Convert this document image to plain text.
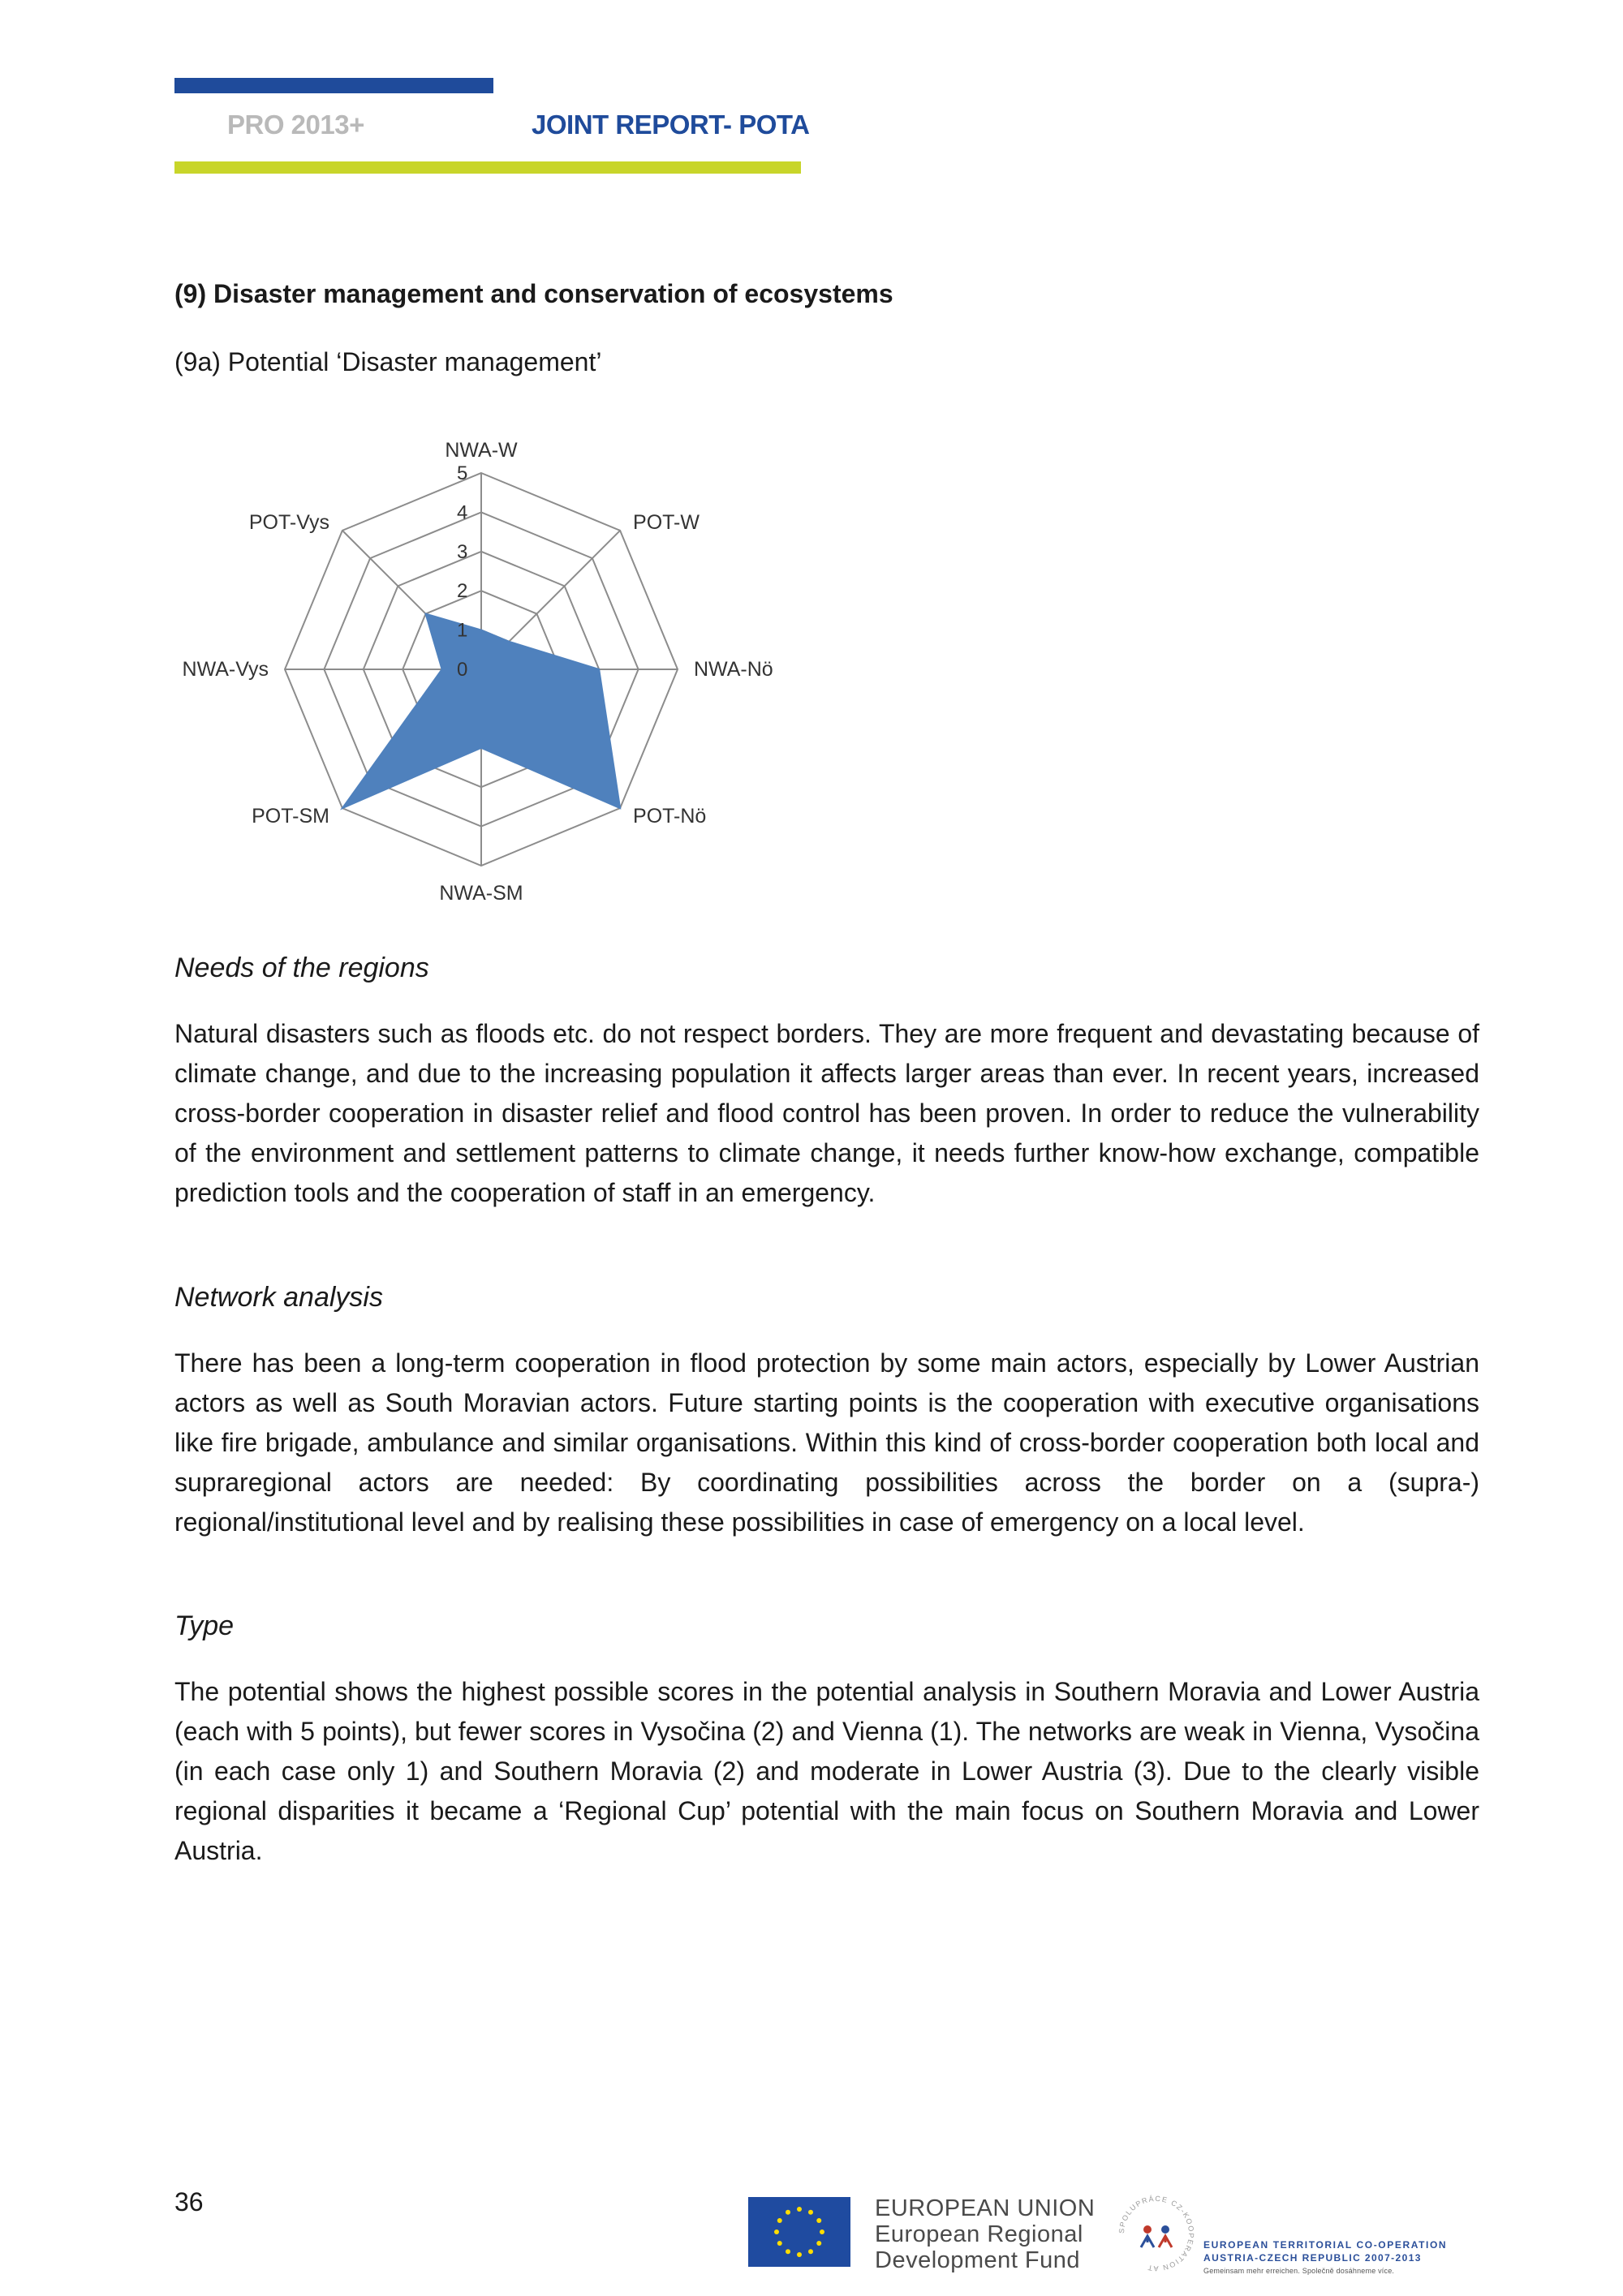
PRO 2013+	JOINT REPORT- POTA
(9) Disaster management and conservation of ecosystems
(9a) Potential ‘Disaster management’
0
1
2
3
4
5
NWA-W
POT-W
NWA-Nö
POT-Nö
NWA-SM
POT-SM
NWA-Vys
POT-Vys
Needs of the regions

Natural disasters such as floods etc. do not respect borders. They are more frequent and devastating because of climate change, and due to the increasing population it affects larger areas than ever. In recent years, increased cross-border cooperation in disaster relief and flood control has been proven. In order to reduce the vulnerability of the environment and settlement patterns to climate change, it needs further know-how exchange, compatible prediction tools and the cooperation of staff in an emergency.

Network analysis

There has been a long-term cooperation in flood protection by some main actors, especially by Lower Austrian actors as well as South Moravian actors. Future starting points is the cooperation with executive organisations like fire brigade, ambulance and similar organisations. Within this kind of cross-border cooperation both local and supraregional actors are needed: By coordinating possibilities across the border on a (supra-) regional/institutional level and by realising these possibilities in case of emergency on a local level.

Type

The potential shows the highest possible scores in the potential analysis in Southern Moravia and Lower Austria (each with 5 points), but fewer scores in Vysočina (2) and Vienna (1). The networks are weak in Vienna, Vysočina (in each case only 1) and Southern Moravia (2) and moderate in Lower Austria (3). Due to the clearly visible regional disparities it became a ‘Regional Cup’ potential with the main focus on Southern Moravia and Lower Austria.

36	EUROPEAN UNION
European Regional
Development Fund
SPOLUPRÁCE CZ-KOOPERATION AT
EUROPEAN TERRITORIAL CO-OPERATION
AUSTRIA-CZECH REPUBLIC 2007-2013
Gemeinsam mehr erreichen. Společně dosáhneme více.
